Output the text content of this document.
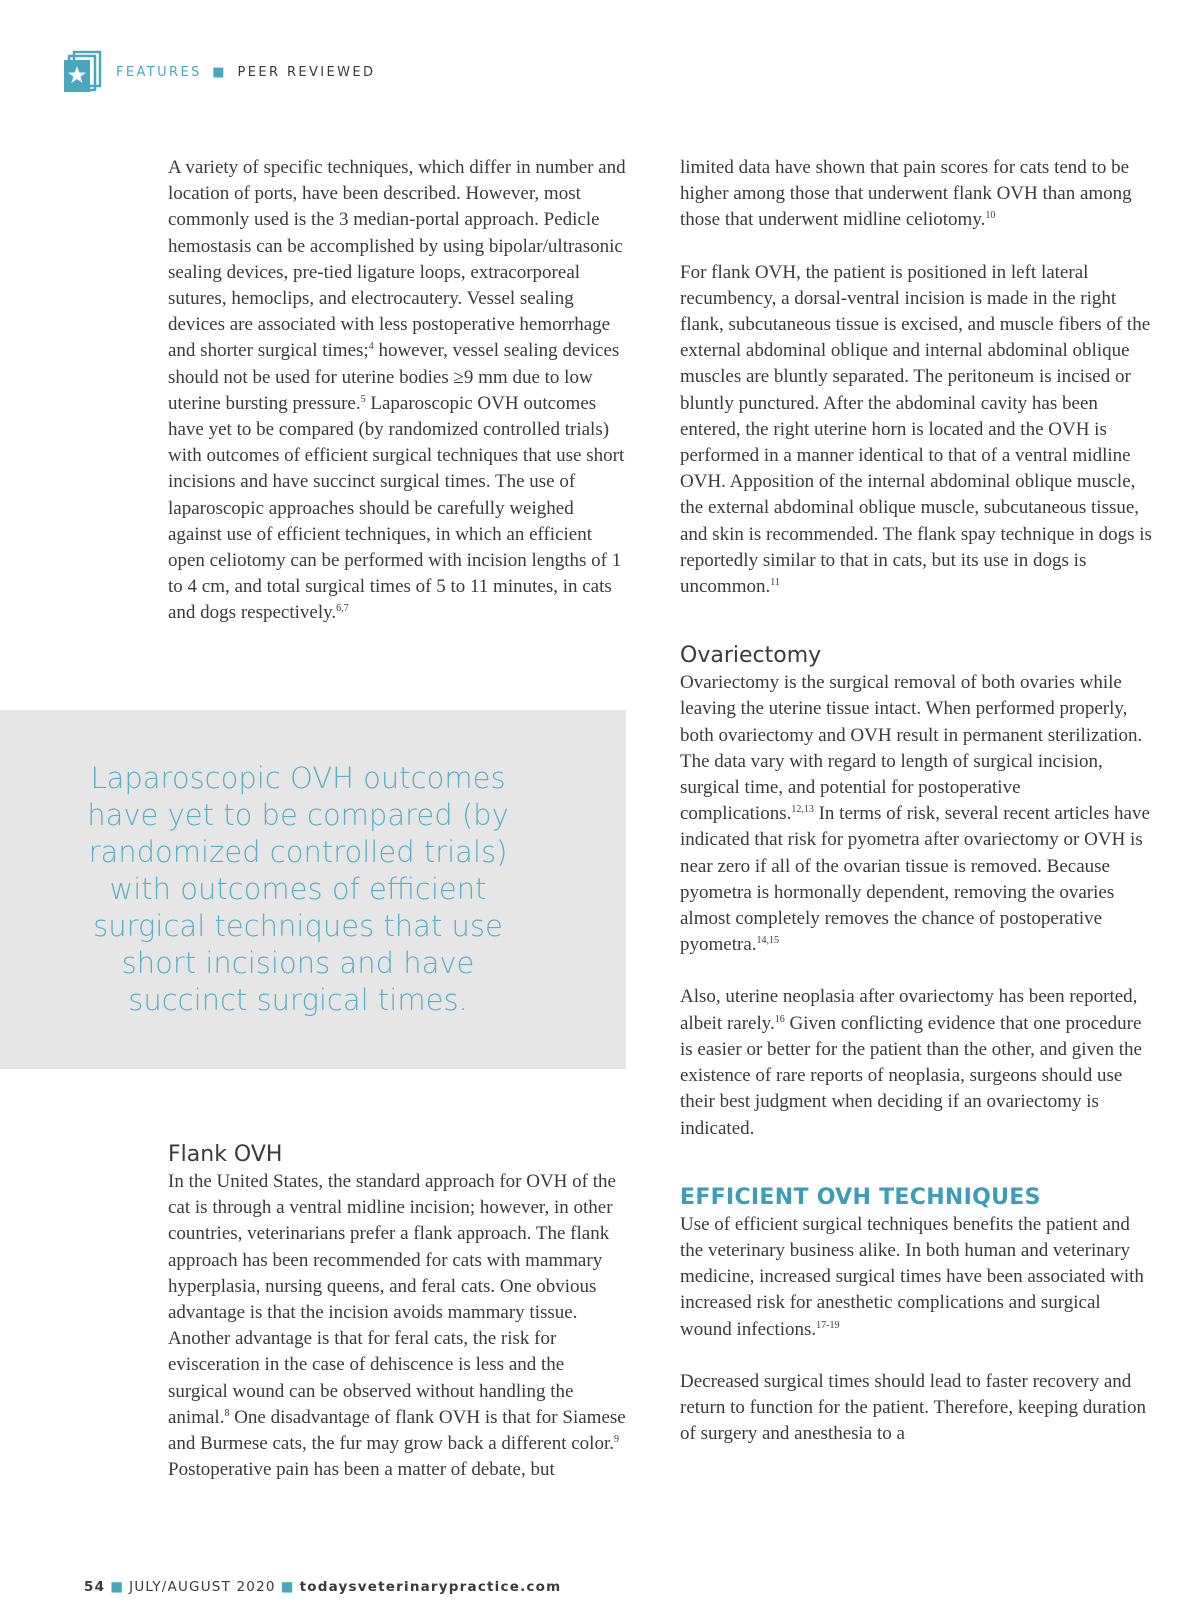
FEATURES ■ PEER REVIEWED

A variety of specific techniques, which differ in number and location of ports, have been described. However, most commonly used is the 3 median-portal approach. Pedicle hemostasis can be accomplished by using bipolar/ultrasonic sealing devices, pre-tied ligature loops, extracorporeal sutures, hemoclips, and electrocautery. Vessel sealing devices are associated with less postoperative hemorrhage and shorter surgical times;$^4$ however, vessel sealing devices should not be used for uterine bodies ≥9 mm due to low uterine bursting pressure.$^5$ Laparoscopic OVH outcomes have yet to be compared (by randomized controlled trials) with outcomes of efficient surgical techniques that use short incisions and have succinct surgical times. The use of laparoscopic approaches should be carefully weighed against use of efficient techniques, in which an efficient open celiotomy can be performed with incision lengths of 1 to 4 cm, and total surgical times of 5 to 11 minutes, in cats and dogs respectively.$^{6,7}$

Laparoscopic OVH outcomes have yet to be compared (by randomized controlled trials) with outcomes of efficient surgical techniques that use short incisions and have succinct surgical times.
Flank OVH

In the United States, the standard approach for OVH of the cat is through a ventral midline incision; however, in other countries, veterinarians prefer a flank approach. The flank approach has been recommended for cats with mammary hyperplasia, nursing queens, and feral cats. One obvious advantage is that the incision avoids mammary tissue. Another advantage is that for feral cats, the risk for evisceration in the case of dehiscence is less and the surgical wound can be observed without handling the animal.$^8$ One disadvantage of flank OVH is that for Siamese and Burmese cats, the fur may grow back a different color.$^9$ Postoperative pain has been a matter of debate, but

limited data have shown that pain scores for cats tend to be higher among those that underwent flank OVH than among those that underwent midline celiotomy.$^{10}$

For flank OVH, the patient is positioned in left lateral recumbency, a dorsal-ventral incision is made in the right flank, subcutaneous tissue is excised, and muscle fibers of the external abdominal oblique and internal abdominal oblique muscles are bluntly separated. The peritoneum is incised or bluntly punctured. After the abdominal cavity has been entered, the right uterine horn is located and the OVH is performed in a manner identical to that of a ventral midline OVH. Apposition of the internal abdominal oblique muscle, the external abdominal oblique muscle, subcutaneous tissue, and skin is recommended. The flank spay technique in dogs is reportedly similar to that in cats, but its use in dogs is uncommon.$^{11}$

Ovariectomy

Ovariectomy is the surgical removal of both ovaries while leaving the uterine tissue intact. When performed properly, both ovariectomy and OVH result in permanent sterilization. The data vary with regard to length of surgical incision, surgical time, and potential for postoperative complications.$^{12,13}$ In terms of risk, several recent articles have indicated that risk for pyometra after ovariectomy or OVH is near zero if all of the ovarian tissue is removed. Because pyometra is hormonally dependent, removing the ovaries almost completely removes the chance of postoperative pyometra.$^{14,15}$

Also, uterine neoplasia after ovariectomy has been reported, albeit rarely.$^{16}$ Given conflicting evidence that one procedure is easier or better for the patient than the other, and given the existence of rare reports of neoplasia, surgeons should use their best judgment when deciding if an ovariectomy is indicated.

EFFICIENT OVH TECHNIQUES

Use of efficient surgical techniques benefits the patient and the veterinary business alike. In both human and veterinary medicine, increased surgical times have been associated with increased risk for anesthetic complications and surgical wound infections.$^{17-19}$

Decreased surgical times should lead to faster recovery and return to function for the patient. Therefore, keeping duration of surgery and anesthesia to a

54 ■ JULY/AUGUST 2020 ■ todaysveterinarypractice.com
